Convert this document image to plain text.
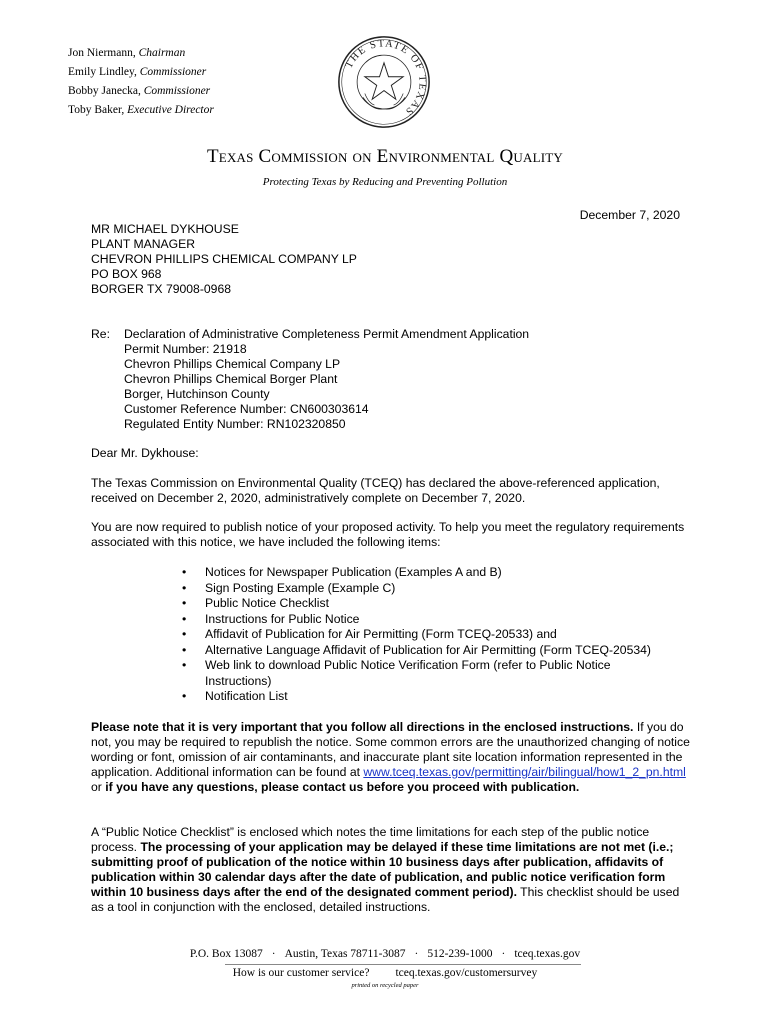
Jon Niermann, Chairman
Emily Lindley, Commissioner
Bobby Janecka, Commissioner
Toby Baker, Executive Director
THE STATE OF TEXAS
Texas Commission on Environmental Quality
Protecting Texas by Reducing and Preventing Pollution
December 7, 2020
MR MICHAEL DYKHOUSE
PLANT MANAGER
CHEVRON PHILLIPS CHEMICAL COMPANY LP
PO BOX 968
BORGER TX 79008-0968
Re:	Declaration of Administrative Completeness Permit Amendment Application
Permit Number: 21918
Chevron Phillips Chemical Company LP
Chevron Phillips Chemical Borger Plant
Borger, Hutchinson County
Customer Reference Number: CN600303614
Regulated Entity Number: RN102320850
Dear Mr. Dykhouse:
The Texas Commission on Environmental Quality (TCEQ) has declared the above-referenced application, received on December 2, 2020, administratively complete on December 7, 2020.
You are now required to publish notice of your proposed activity. To help you meet the regulatory requirements associated with this notice, we have included the following items:
•	Notices for Newspaper Publication (Examples A and B)
•	Sign Posting Example (Example C)
•	Public Notice Checklist
•	Instructions for Public Notice
•	Affidavit of Publication for Air Permitting (Form TCEQ-20533) and
•	Alternative Language Affidavit of Publication for Air Permitting (Form TCEQ-20534)
•	Web link to download Public Notice Verification Form (refer to Public Notice Instructions)
•	Notification List
Please note that it is very important that you follow all directions in the enclosed instructions. If you do not, you may be required to republish the notice. Some common errors are the unauthorized changing of notice wording or font, omission of air contaminants, and inaccurate plant site location information represented in the application. Additional information can be found at www.tceq.texas.gov/permitting/air/bilingual/how1_2_pn.html or if you have any questions, please contact us before you proceed with publication.
A “Public Notice Checklist” is enclosed which notes the time limitations for each step of the public notice process. The processing of your application may be delayed if these time limitations are not met (i.e.; submitting proof of publication of the notice within 10 business days after publication, affidavits of publication within 30 calendar days after the date of publication, and public notice verification form within 10 business days after the end of the designated comment period). This checklist should be used as a tool in conjunction with the enclosed, detailed instructions.
P.O. Box 13087 · Austin, Texas 78711-3087 · 512-239-1000 · tceq.texas.gov
How is our customer service? tceq.texas.gov/customersurvey
printed on recycled paper
